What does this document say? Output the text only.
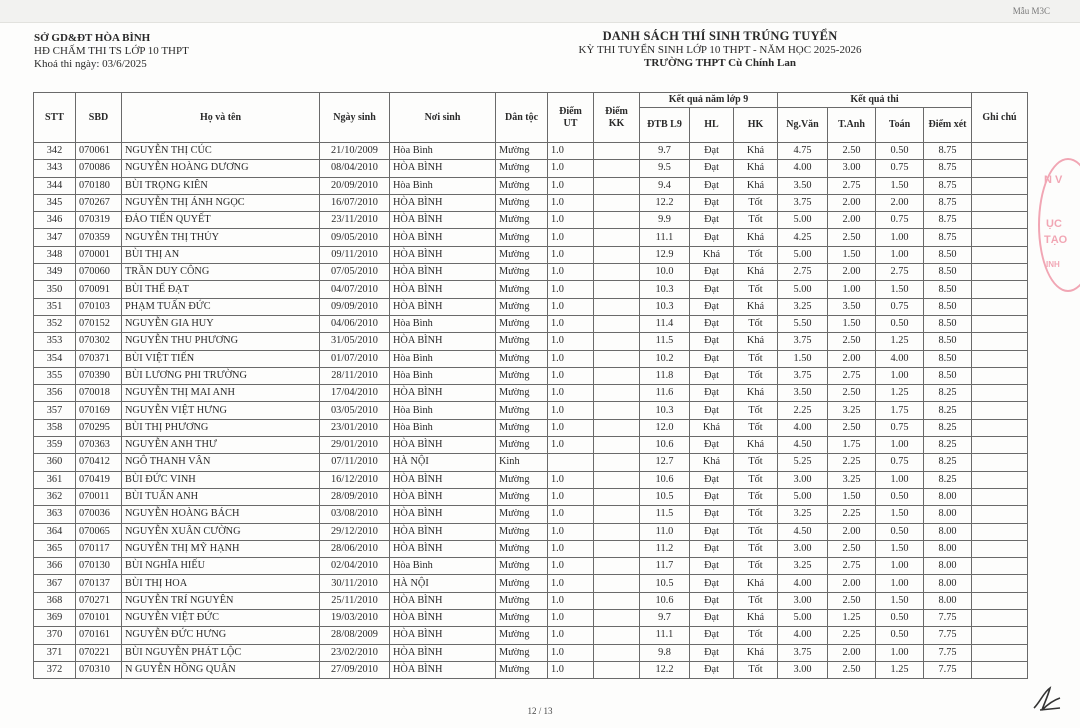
Mẫu M3C
SỞ GD&ĐT HÒA BÌNH
HĐ CHẤM THI TS LỚP 10 THPT
Khoá thi ngày: 03/6/2025
DANH SÁCH THÍ SINH TRÚNG TUYỂN
KỲ THI TUYỂN SINH LỚP 10 THPT - NĂM HỌC 2025-2026
TRƯỜNG THPT Cù Chính Lan
STT	SBD	Họ và tên	Ngày sinh	Nơi sinh	Dân tộc	Điểm UT	Điểm KK	Kết quả năm lớp 9			Kết quả thi				Ghi chú
								ĐTB L9	HL	HK	Ng.Văn	T.Anh	Toán	Điểm xét	
342	070061	NGUYỄN THỊ CÚC	21/10/2009	Hòa Bình	Mường	1.0		9.7	Đạt	Khá	4.75	2.50	0.50	8.75	
343	070086	NGUYỄN HOÀNG DƯƠNG	08/04/2010	HÒA BÌNH	Mường	1.0		9.5	Đạt	Khá	4.00	3.00	0.75	8.75	
344	070180	BÙI TRỌNG KIÊN	20/09/2010	Hòa Bình	Mường	1.0		9.4	Đạt	Khá	3.50	2.75	1.50	8.75	
345	070267	NGUYỄN THỊ ÁNH NGỌC	16/07/2010	HÒA BÌNH	Mường	1.0		12.2	Đạt	Tốt	3.75	2.00	2.00	8.75	
346	070319	ĐẢO TIẾN QUYẾT	23/11/2010	HÒA BÌNH	Mường	1.0		9.9	Đạt	Tốt	5.00	2.00	0.75	8.75	
347	070359	NGUYỄN THỊ THỦY	09/05/2010	HÒA BÌNH	Mường	1.0		11.1	Đạt	Khá	4.25	2.50	1.00	8.75	
348	070001	BÙI THỊ AN	09/11/2010	HÒA BÌNH	Mường	1.0		12.9	Khá	Tốt	5.00	1.50	1.00	8.50	
349	070060	TRẦN DUY CÔNG	07/05/2010	HÒA BÌNH	Mường	1.0		10.0	Đạt	Khá	2.75	2.00	2.75	8.50	
350	070091	BÙI THẾ ĐẠT	04/07/2010	HÒA BÌNH	Mường	1.0		10.3	Đạt	Tốt	5.00	1.00	1.50	8.50	
351	070103	PHẠM TUẤN ĐỨC	09/09/2010	HÒA BÌNH	Mường	1.0		10.3	Đạt	Khá	3.25	3.50	0.75	8.50	
352	070152	NGUYỄN GIA HUY	04/06/2010	Hòa Bình	Mường	1.0		11.4	Đạt	Tốt	5.50	1.50	0.50	8.50	
353	070302	NGUYỄN THU PHƯƠNG	31/05/2010	HÒA BÌNH	Mường	1.0		11.5	Đạt	Khá	3.75	2.50	1.25	8.50	
354	070371	BÙI VIỆT TIẾN	01/07/2010	Hòa Bình	Mường	1.0		10.2	Đạt	Tốt	1.50	2.00	4.00	8.50	
355	070390	BÙI LƯƠNG PHI TRƯỜNG	28/11/2010	Hòa Bình	Mường	1.0		11.8	Đạt	Tốt	3.75	2.75	1.00	8.50	
356	070018	NGUYỄN THỊ MAI ANH	17/04/2010	HÒA BÌNH	Mường	1.0		11.6	Đạt	Khá	3.50	2.50	1.25	8.25	
357	070169	NGUYỄN VIỆT HƯNG	03/05/2010	Hòa Bình	Mường	1.0		10.3	Đạt	Tốt	2.25	3.25	1.75	8.25	
358	070295	BÙI THỊ PHƯƠNG	23/01/2010	Hòa Bình	Mường	1.0		12.0	Khá	Tốt	4.00	2.50	0.75	8.25	
359	070363	NGUYỄN ANH THƯ	29/01/2010	HÒA BÌNH	Mường	1.0		10.6	Đạt	Khá	4.50	1.75	1.00	8.25	
360	070412	NGÔ THANH VÂN	07/11/2010	HÀ NỘI	Kinh			12.7	Khá	Tốt	5.25	2.25	0.75	8.25	
361	070419	BÙI ĐỨC VINH	16/12/2010	HÒA BÌNH	Mường	1.0		10.6	Đạt	Tốt	3.00	3.25	1.00	8.25	
362	070011	BÙI TUẤN ANH	28/09/2010	HÒA BÌNH	Mường	1.0		10.5	Đạt	Tốt	5.00	1.50	0.50	8.00	
363	070036	NGUYỄN HOÀNG BÁCH	03/08/2010	HÒA BÌNH	Mường	1.0		11.5	Đạt	Tốt	3.25	2.25	1.50	8.00	
364	070065	NGUYỄN XUÂN CƯỜNG	29/12/2010	HÒA BÌNH	Mường	1.0		11.0	Đạt	Tốt	4.50	2.00	0.50	8.00	
365	070117	NGUYỄN THỊ MỸ HẠNH	28/06/2010	HÒA BÌNH	Mường	1.0		11.2	Đạt	Tốt	3.00	2.50	1.50	8.00	
366	070130	BÙI NGHĨA HIẾU	02/04/2010	Hòa Bình	Mường	1.0		11.7	Đạt	Tốt	3.25	2.75	1.00	8.00	
367	070137	BÙI THỊ HOA	30/11/2010	HÀ NỘI	Mường	1.0		10.5	Đạt	Khá	4.00	2.00	1.00	8.00	
368	070271	NGUYỄN TRÍ NGUYÊN	25/11/2010	HÒA BÌNH	Mường	1.0		10.6	Đạt	Tốt	3.00	2.50	1.50	8.00	
369	070101	NGUYỄN VIỆT ĐỨC	19/03/2010	HÒA BÌNH	Mường	1.0		9.7	Đạt	Khá	5.00	1.25	0.50	7.75	
370	070161	NGUYỄN ĐỨC HƯNG	28/08/2009	HÒA BÌNH	Mường	1.0		11.1	Đạt	Tốt	4.00	2.25	0.50	7.75	
371	070221	BÙI NGUYỄN PHÁT LỘC	23/02/2010	HÒA BÌNH	Mường	1.0		9.8	Đạt	Khá	3.75	2.00	1.00	7.75	
372	070310	N GUYỄN HỒNG QUÂN	27/09/2010	HÒA BÌNH	Mường	1.0		12.2	Đạt	Tốt	3.00	2.50	1.25	7.75	
12 / 13
N V
ỤC
TẠO
INH
